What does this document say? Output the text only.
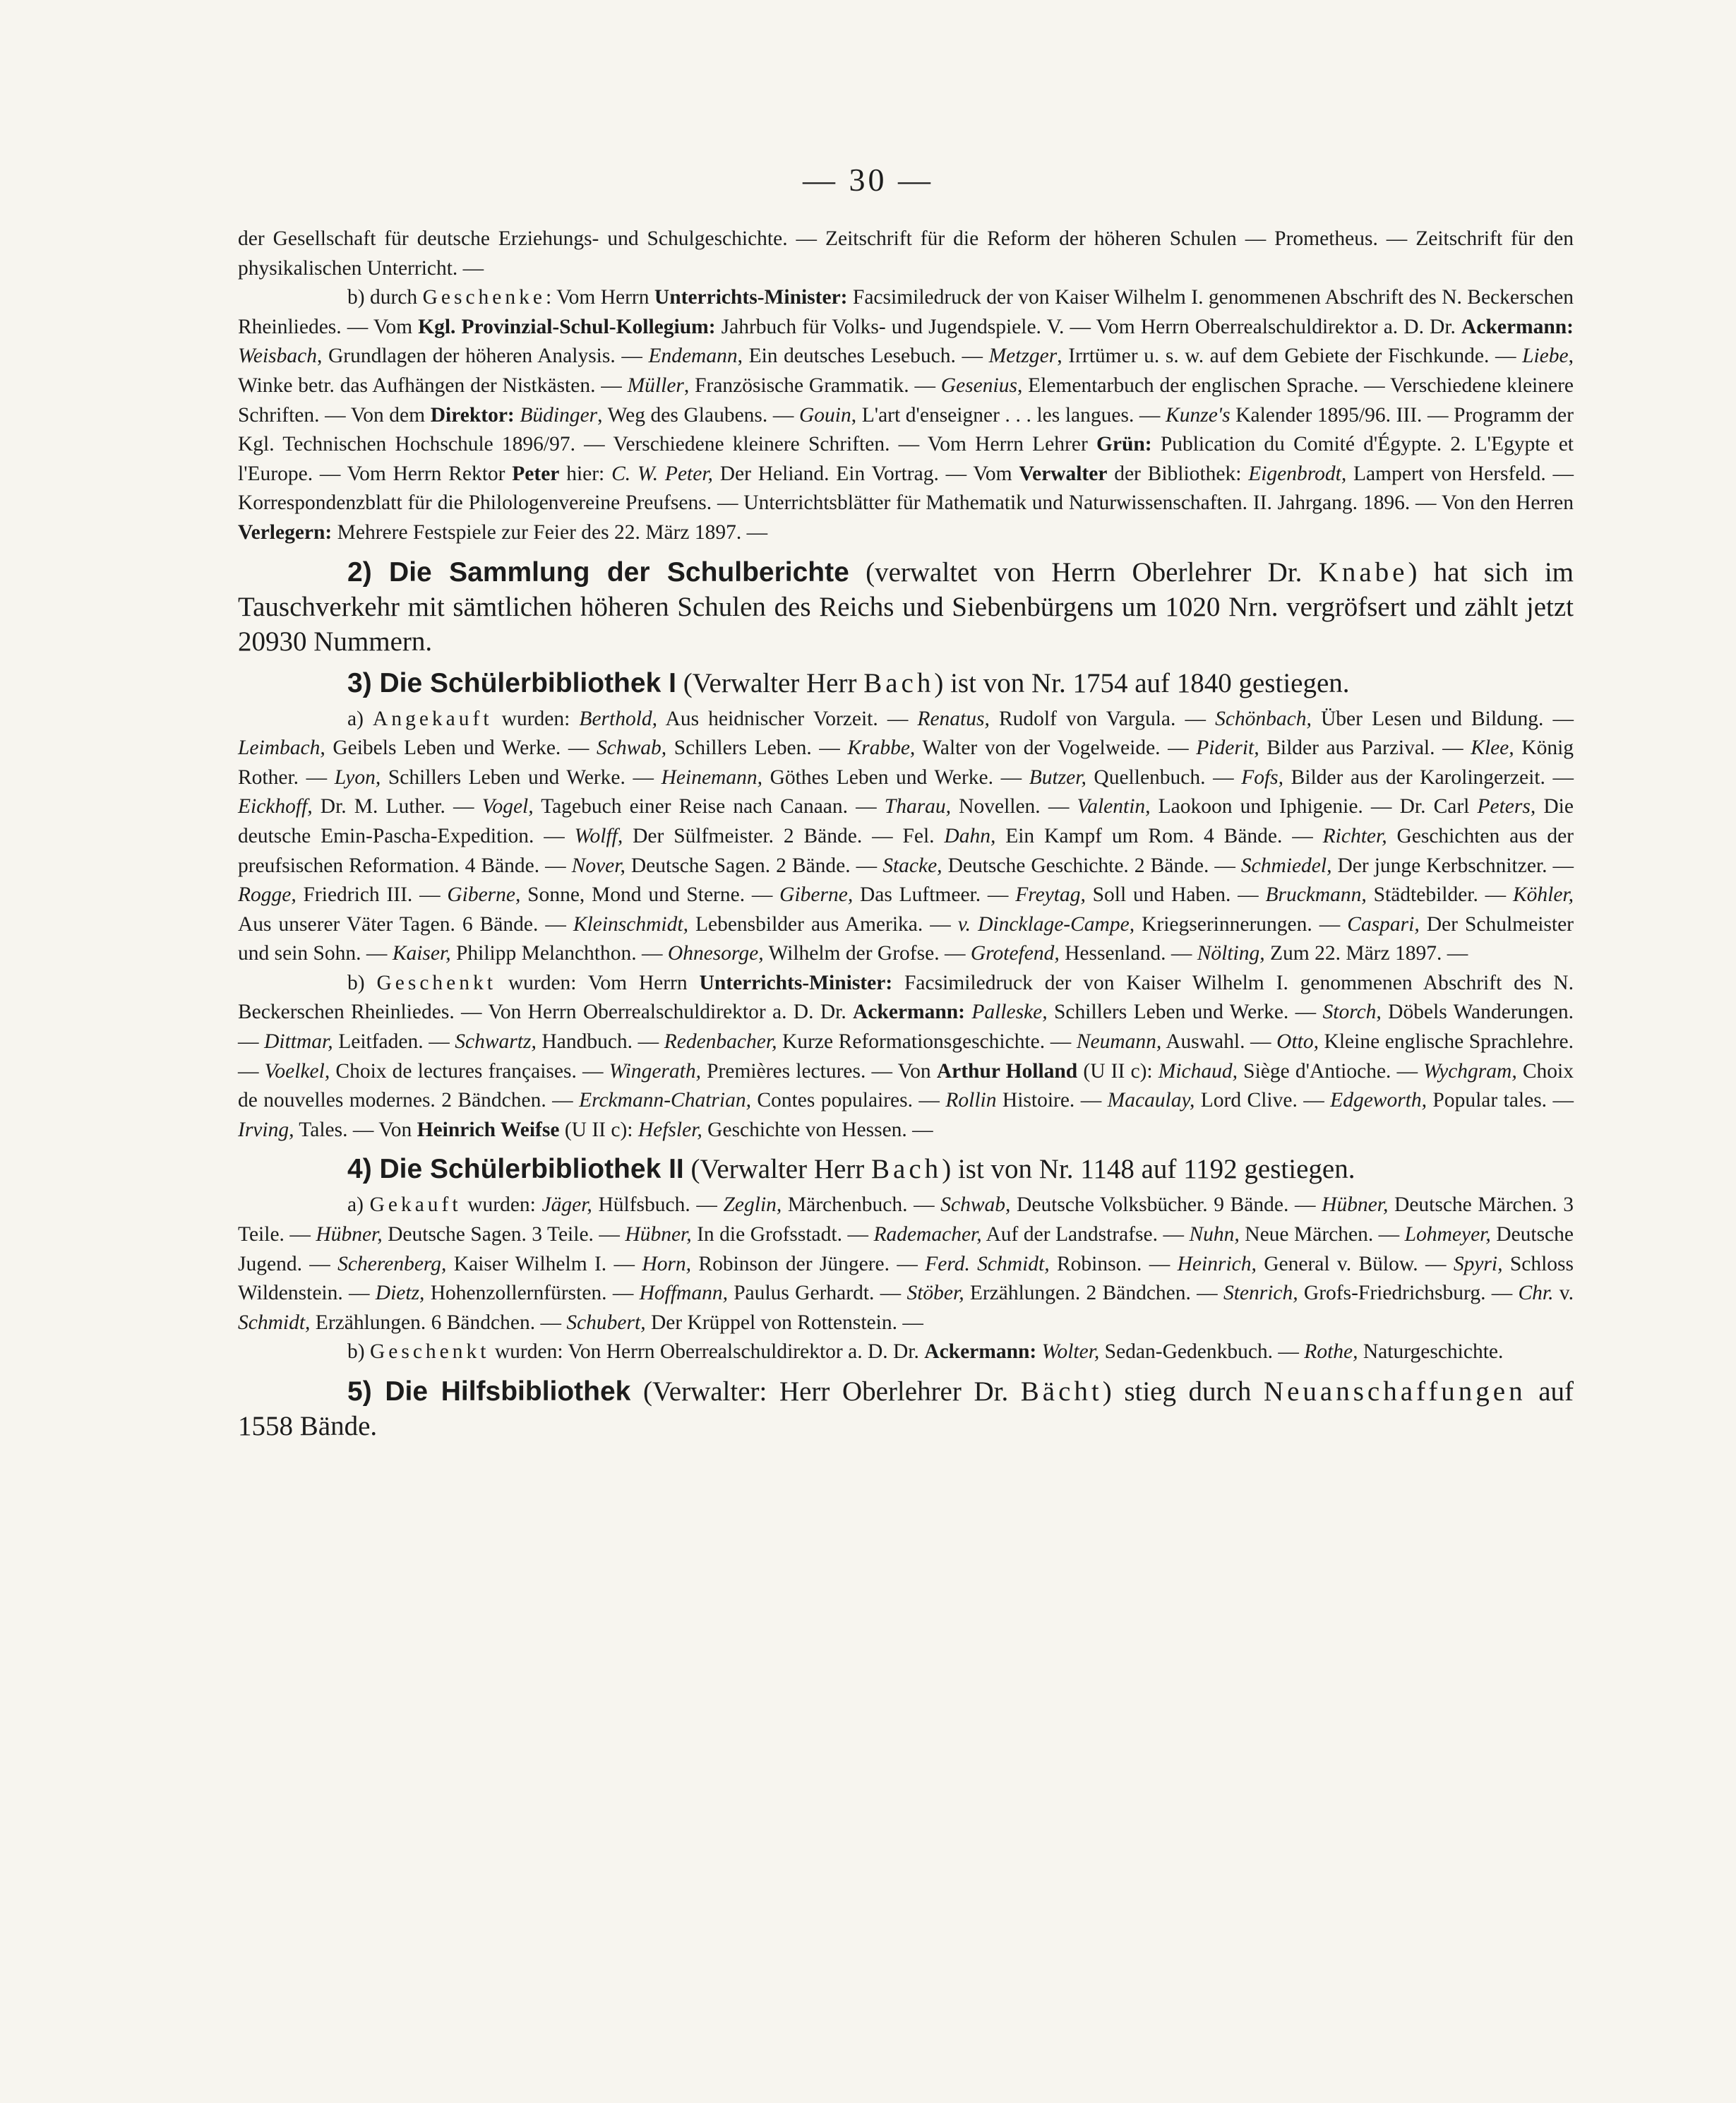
— 30 —

der Gesellschaft für deutsche Erziehungs- und Schulgeschichte. — Zeitschrift für die Reform der höheren Schulen — Prometheus. — Zeitschrift für den physikalischen Unterricht. —

b) durch Geschenke: Vom Herrn Unterrichts-Minister: Facsimiledruck der von Kaiser Wilhelm I. genommenen Abschrift des N. Beckerschen Rheinliedes. — Vom Kgl. Provinzial-Schul-Kollegium: Jahrbuch für Volks- und Jugendspiele. V. — Vom Herrn Oberrealschuldirektor a. D. Dr. Ackermann: Weisbach, Grundlagen der höheren Analysis. — Endemann, Ein deutsches Lesebuch. — Metzger, Irrtümer u. s. w. auf dem Gebiete der Fischkunde. — Liebe, Winke betr. das Aufhängen der Nistkästen. — Müller, Französische Grammatik. — Gesenius, Elementarbuch der englischen Sprache. — Verschiedene kleinere Schriften. — Von dem Direktor: Büdinger, Weg des Glaubens. — Gouin, L'art d'enseigner . . . les langues. — Kunze's Kalender 1895/96. III. — Programm der Kgl. Technischen Hochschule 1896/97. — Verschiedene kleinere Schriften. — Vom Herrn Lehrer Grün: Publication du Comité d'Égypte. 2. L'Egypte et l'Europe. — Vom Herrn Rektor Peter hier: C. W. Peter, Der Heliand. Ein Vortrag. — Vom Verwalter der Bibliothek: Eigenbrodt, Lampert von Hersfeld. — Korrespondenzblatt für die Philologenvereine Preufsens. — Unterrichtsblätter für Mathematik und Naturwissenschaften. II. Jahrgang. 1896. — Von den Herren Verlegern: Mehrere Festspiele zur Feier des 22. März 1897. —

2) Die Sammlung der Schulberichte (verwaltet von Herrn Oberlehrer Dr. Knabe) hat sich im Tauschverkehr mit sämtlichen höheren Schulen des Reichs und Siebenbürgens um 1020 Nrn. vergröfsert und zählt jetzt 20930 Nummern.

3) Die Schülerbibliothek I (Verwalter Herr Bach) ist von Nr. 1754 auf 1840 gestiegen.

a) Angekauft wurden: Berthold, Aus heidnischer Vorzeit. — Renatus, Rudolf von Vargula. — Schönbach, Über Lesen und Bildung. — Leimbach, Geibels Leben und Werke. — Schwab, Schillers Leben. — Krabbe, Walter von der Vogelweide. — Piderit, Bilder aus Parzival. — Klee, König Rother. — Lyon, Schillers Leben und Werke. — Heinemann, Göthes Leben und Werke. — Butzer, Quellenbuch. — Fofs, Bilder aus der Karolingerzeit. — Eickhoff, Dr. M. Luther. — Vogel, Tagebuch einer Reise nach Canaan. — Tharau, Novellen. — Valentin, Laokoon und Iphigenie. — Dr. Carl Peters, Die deutsche Emin-Pascha-Expedition. — Wolff, Der Sülfmeister. 2 Bände. — Fel. Dahn, Ein Kampf um Rom. 4 Bände. — Richter, Geschichten aus der preufsischen Reformation. 4 Bände. — Nover, Deutsche Sagen. 2 Bände. — Stacke, Deutsche Geschichte. 2 Bände. — Schmiedel, Der junge Kerbschnitzer. — Rogge, Friedrich III. — Giberne, Sonne, Mond und Sterne. — Giberne, Das Luftmeer. — Freytag, Soll und Haben. — Bruckmann, Städtebilder. — Köhler, Aus unserer Väter Tagen. 6 Bände. — Kleinschmidt, Lebensbilder aus Amerika. — v. Dincklage-Campe, Kriegserinnerungen. — Caspari, Der Schulmeister und sein Sohn. — Kaiser, Philipp Melanchthon. — Ohnesorge, Wilhelm der Grofse. — Grotefend, Hessenland. — Nölting, Zum 22. März 1897. —

b) Geschenkt wurden: Vom Herrn Unterrichts-Minister: Facsimiledruck der von Kaiser Wilhelm I. genommenen Abschrift des N. Beckerschen Rheinliedes. — Von Herrn Oberrealschuldirektor a. D. Dr. Ackermann: Palleske, Schillers Leben und Werke. — Storch, Döbels Wanderungen. — Dittmar, Leitfaden. — Schwartz, Handbuch. — Redenbacher, Kurze Reformationsgeschichte. — Neumann, Auswahl. — Otto, Kleine englische Sprachlehre. — Voelkel, Choix de lectures françaises. — Wingerath, Premières lectures. — Von Arthur Holland (U II c): Michaud, Siège d'Antioche. — Wychgram, Choix de nouvelles modernes. 2 Bändchen. — Erckmann-Chatrian, Contes populaires. — Rollin Histoire. — Macaulay, Lord Clive. — Edgeworth, Popular tales. — Irving, Tales. — Von Heinrich Weifse (U II c): Hefsler, Geschichte von Hessen. —

4) Die Schülerbibliothek II (Verwalter Herr Bach) ist von Nr. 1148 auf 1192 gestiegen.

a) Gekauft wurden: Jäger, Hülfsbuch. — Zeglin, Märchenbuch. — Schwab, Deutsche Volksbücher. 9 Bände. — Hübner, Deutsche Märchen. 3 Teile. — Hübner, Deutsche Sagen. 3 Teile. — Hübner, In die Grofsstadt. — Rademacher, Auf der Landstrafse. — Nuhn, Neue Märchen. — Lohmeyer, Deutsche Jugend. — Scherenberg, Kaiser Wilhelm I. — Horn, Robinson der Jüngere. — Ferd. Schmidt, Robinson. — Heinrich, General v. Bülow. — Spyri, Schloss Wildenstein. — Dietz, Hohenzollernfürsten. — Hoffmann, Paulus Gerhardt. — Stöber, Erzählungen. 2 Bändchen. — Stenrich, Grofs-Friedrichsburg. — Chr. v. Schmidt, Erzählungen. 6 Bändchen. — Schubert, Der Krüppel von Rottenstein. —

b) Geschenkt wurden: Von Herrn Oberrealschuldirektor a. D. Dr. Ackermann: Wolter, Sedan-Gedenkbuch. — Rothe, Naturgeschichte.

5) Die Hilfsbibliothek (Verwalter: Herr Oberlehrer Dr. Bächt) stieg durch Neuanschaffungen auf 1558 Bände.
